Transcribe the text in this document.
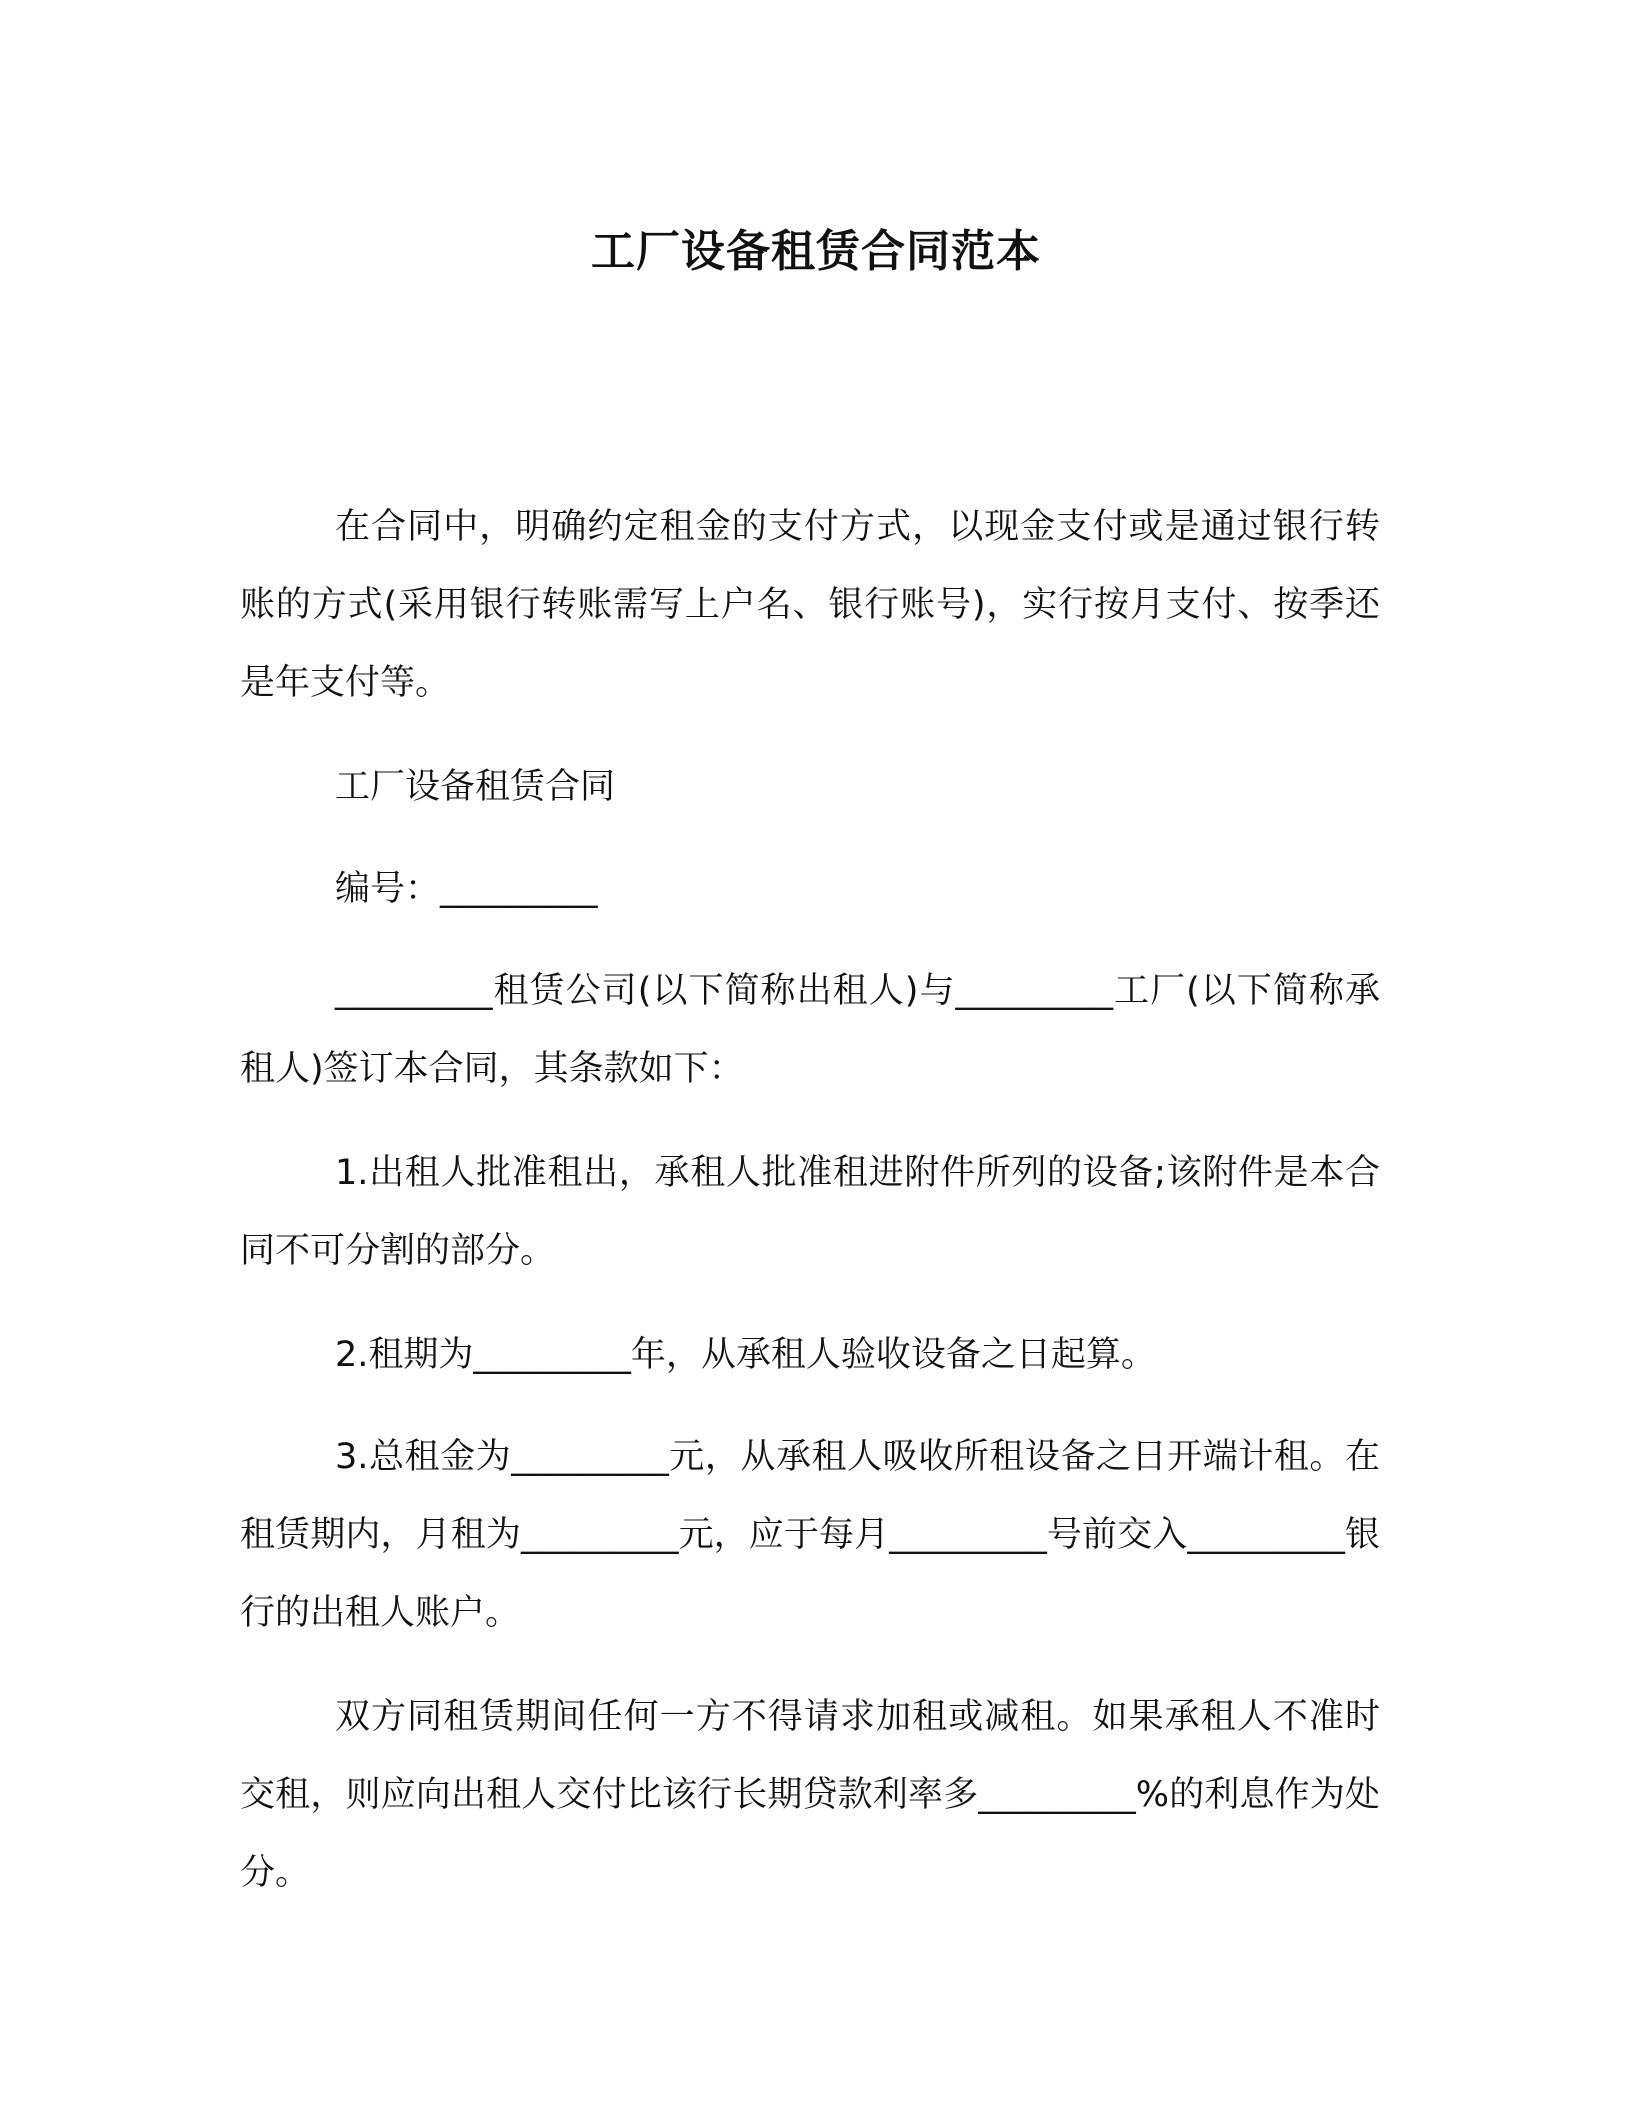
工厂设备租赁合同范本

在合同中，明确约定租金的支付方式，以现金支付或是通过银行转账的方式(采用银行转账需写上户名、银行账号)，实行按月支付、按季还是年支付等。

工厂设备租赁合同

编号：_________

_________租赁公司(以下简称出租人)与_________工厂(以下简称承租人)签订本合同，其条款如下：

1.出租人批准租出，承租人批准租进附件所列的设备;该附件是本合同不可分割的部分。

2.租期为_________年，从承租人验收设备之日起算。

3.总租金为_________元，从承租人吸收所租设备之日开端计租。在租赁期内，月租为_________元，应于每月_________号前交入_________银行的出租人账户。

双方同租赁期间任何一方不得请求加租或减租。如果承租人不准时交租，则应向出租人交付比该行长期贷款利率多_________%的利息作为处分。
